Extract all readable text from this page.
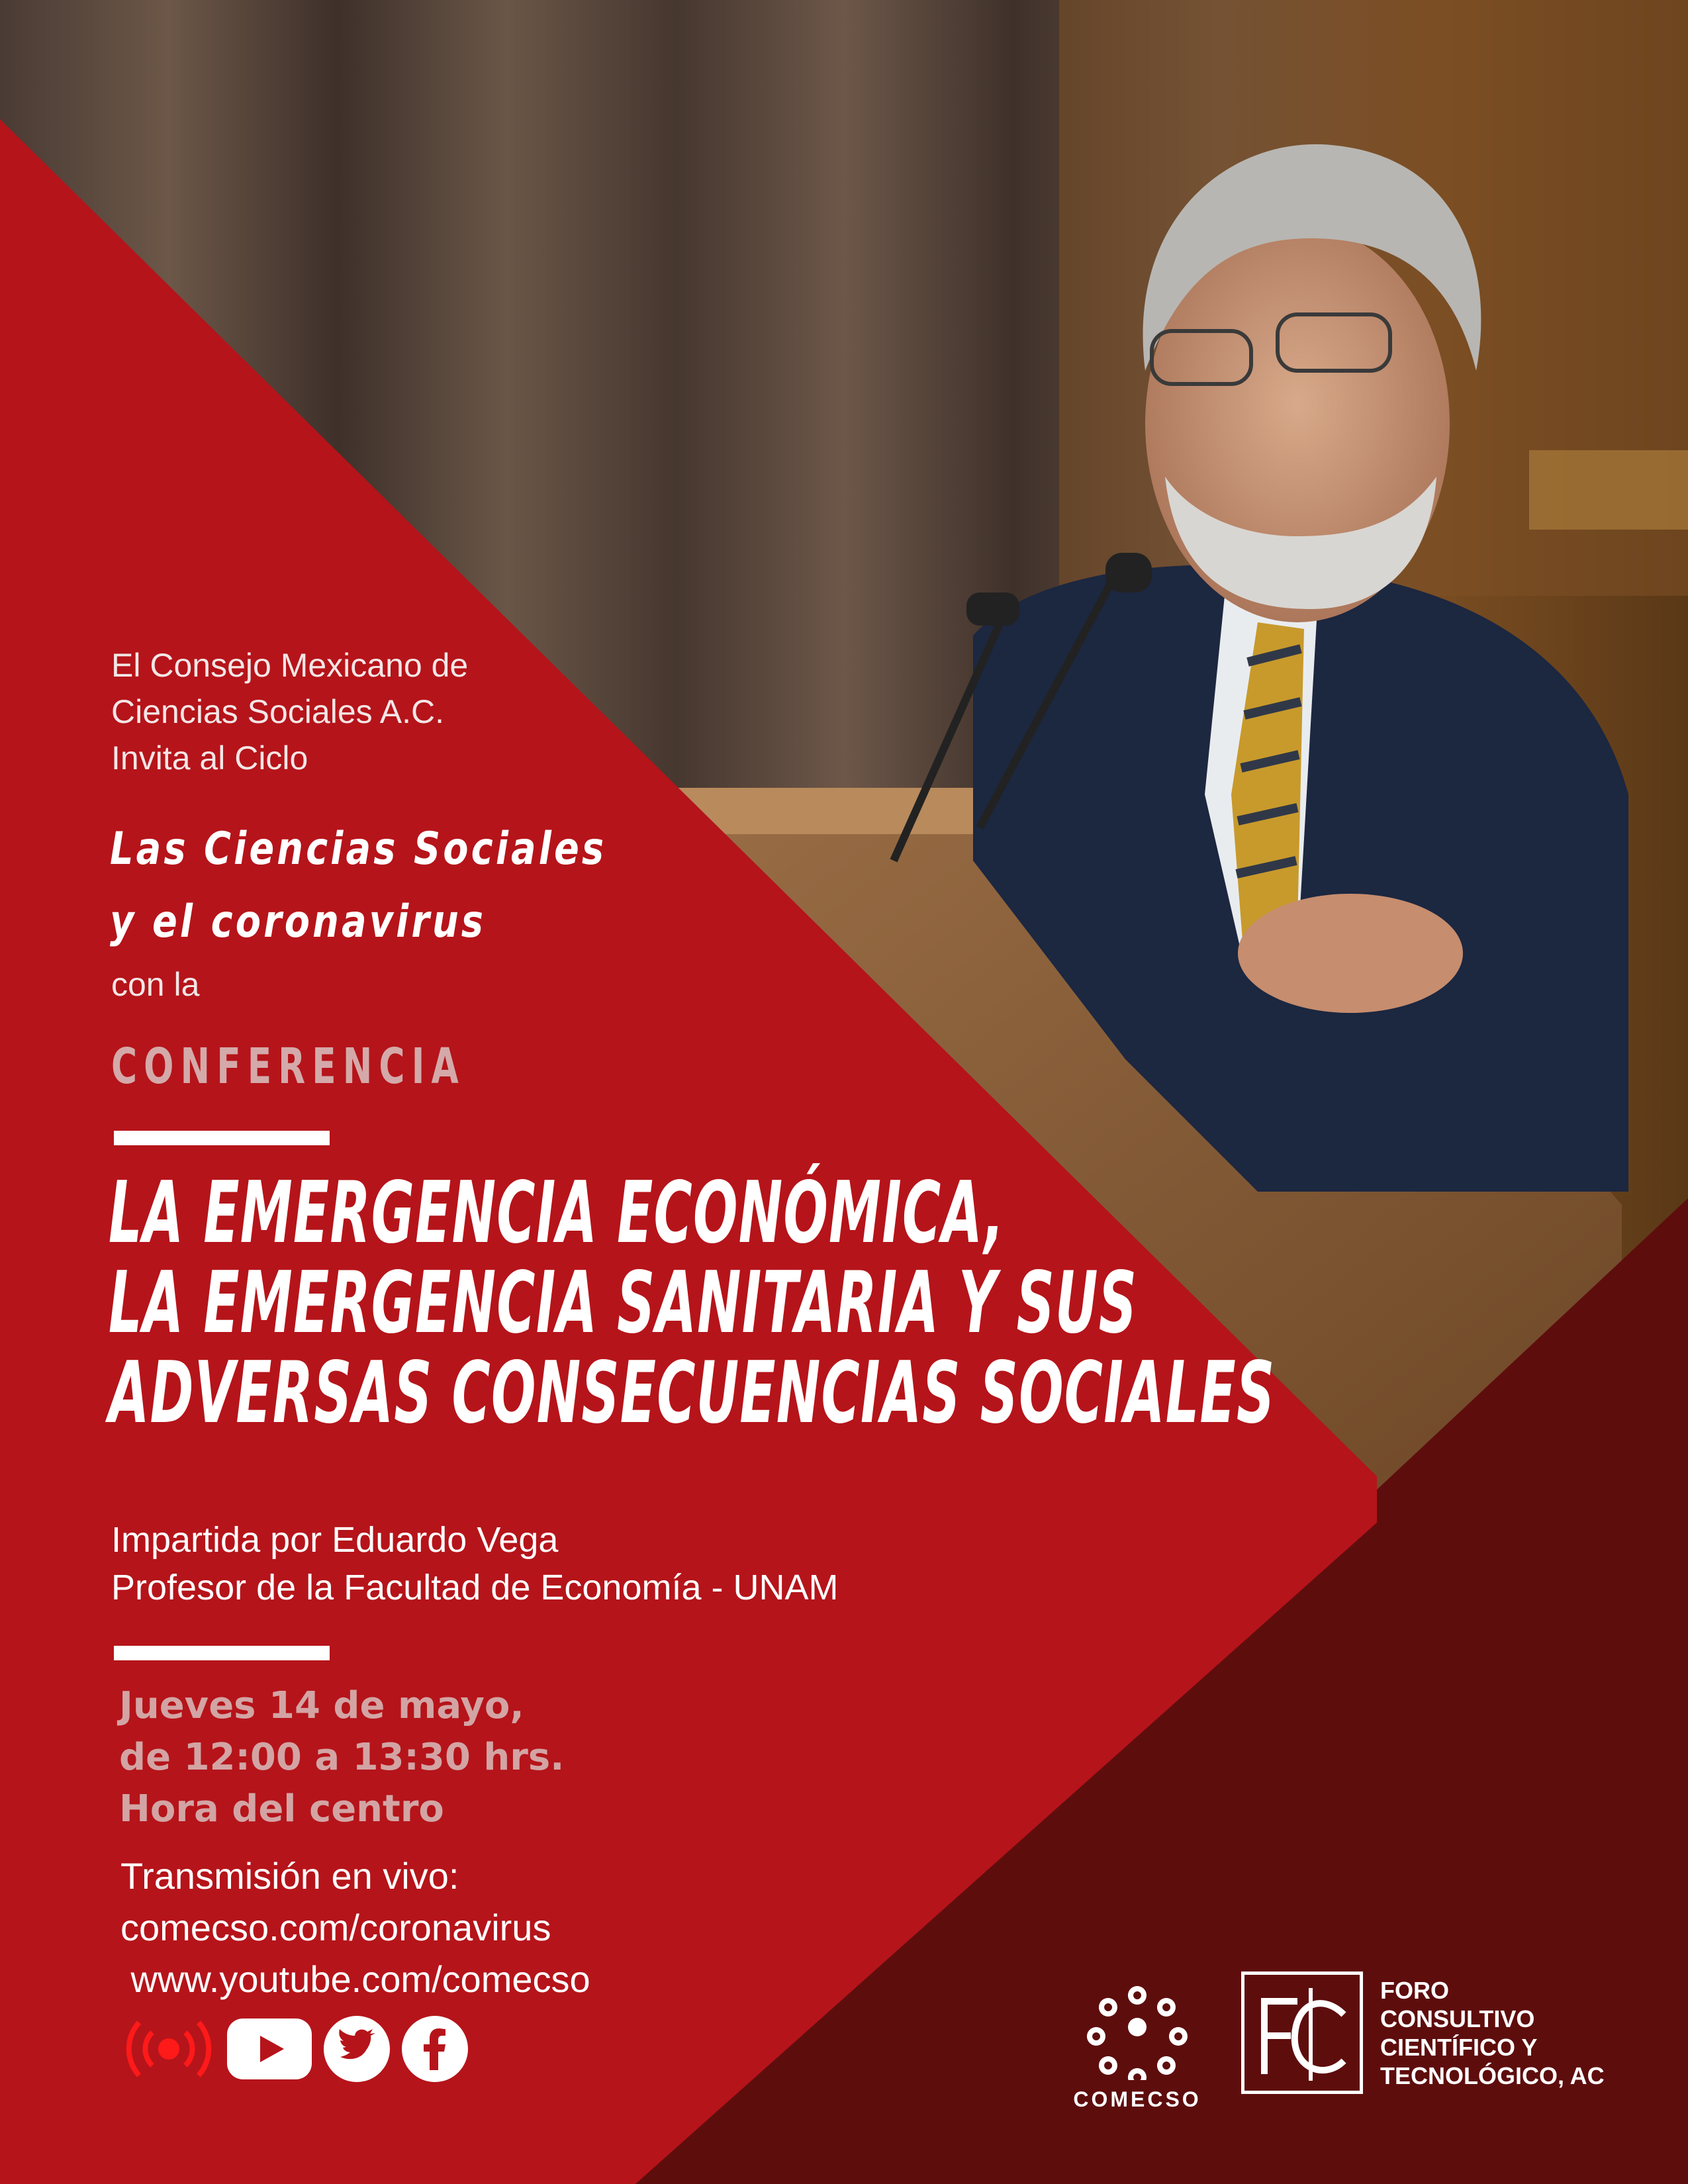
El Consejo Mexicano de
Ciencias Sociales A.C.
Invita al Ciclo
Las Ciencias Sociales
y el coronavirus
con la
CONFERENCIA
LA EMERGENCIA ECONÓMICA,
LA EMERGENCIA SANITARIA Y SUS
ADVERSAS CONSECUENCIAS SOCIALES
Impartida por Eduardo Vega
Profesor de la Facultad de Economía - UNAM
Jueves 14 de mayo,
de 12:00 a 13:30 hrs.
Hora del centro
Transmisión en vivo:
comecso.com/coronavirus
www.youtube.com/comecso
COMECSO
FORO
CONSULTIVO
CIENTÍFICO Y
TECNOLÓGICO, AC
